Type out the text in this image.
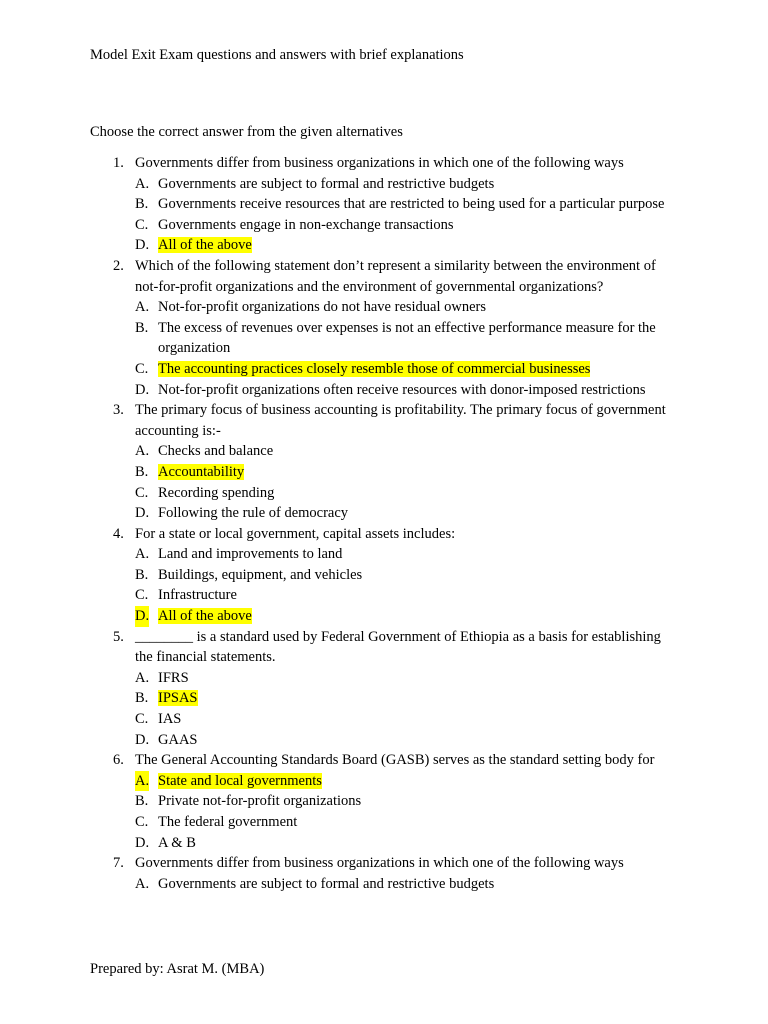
Model Exit Exam questions and answers with brief explanations
Choose the correct answer from the given alternatives
1. Governments differ from business organizations in which one of the following ways
A. Governments are subject to formal and restrictive budgets
B. Governments receive resources that are restricted to being used for a particular purpose
C. Governments engage in non-exchange transactions
D. All of the above
2. Which of the following statement don’t represent a similarity between the environment of not-for-profit organizations and the environment of governmental organizations?
A. Not-for-profit organizations do not have residual owners
B. The excess of revenues over expenses is not an effective performance measure for the organization
C. The accounting practices closely resemble those of commercial businesses
D. Not-for-profit organizations often receive resources with donor-imposed restrictions
3. The primary focus of business accounting is profitability. The primary focus of government accounting is:-
A. Checks and balance
B. Accountability
C. Recording spending
D. Following the rule of democracy
4. For a state or local government, capital assets includes:
A. Land and improvements to land
B. Buildings, equipment, and vehicles
C. Infrastructure
D. All of the above
5. ________ is a standard used by Federal Government of Ethiopia as a basis for establishing the financial statements.
A. IFRS
B. IPSAS
C. IAS
D. GAAS
6. The General Accounting Standards Board (GASB) serves as the standard setting body for
A. State and local governments
B. Private not-for-profit organizations
C. The federal government
D. A & B
7. Governments differ from business organizations in which one of the following ways
A. Governments are subject to formal and restrictive budgets
Prepared by: Asrat M. (MBA)
